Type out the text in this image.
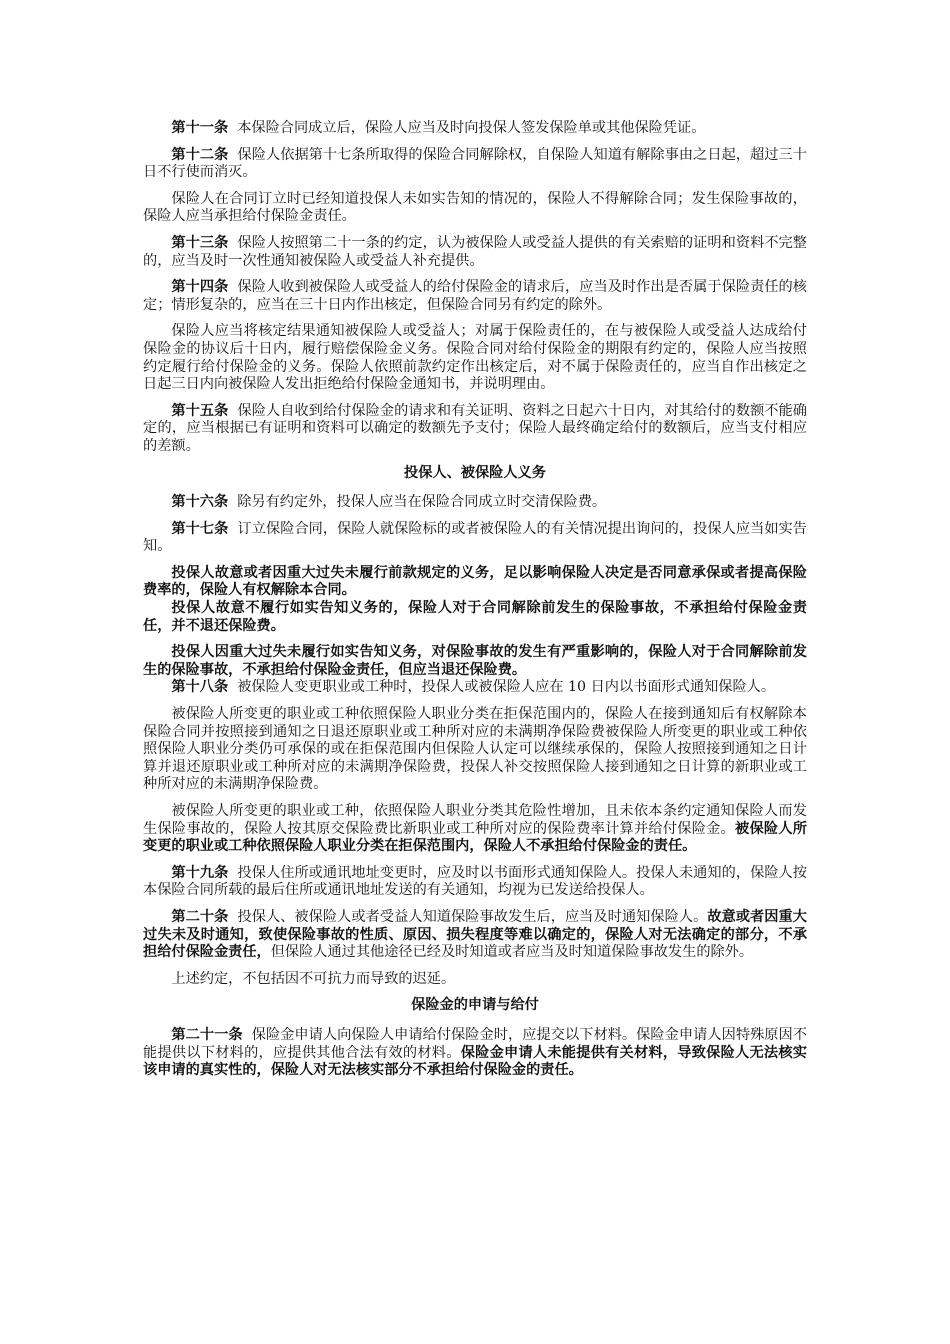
第十一条 本保险合同成立后，保险人应当及时向投保人签发保险单或其他保险凭证。

第十二条 保险人依据第十七条所取得的保险合同解除权，自保险人知道有解除事由之日起，超过三十日不行使而消灭。

保险人在合同订立时已经知道投保人未如实告知的情况的，保险人不得解除合同；发生保险事故的，保险人应当承担给付保险金责任。

第十三条 保险人按照第二十一条的约定，认为被保险人或受益人提供的有关索赔的证明和资料不完整的，应当及时一次性通知被保险人或受益人补充提供。

第十四条 保险人收到被保险人或受益人的给付保险金的请求后，应当及时作出是否属于保险责任的核定；情形复杂的，应当在三十日内作出核定，但保险合同另有约定的除外。

保险人应当将核定结果通知被保险人或受益人；对属于保险责任的，在与被保险人或受益人达成给付保险金的协议后十日内，履行赔偿保险金义务。保险合同对给付保险金的期限有约定的，保险人应当按照约定履行给付保险金的义务。保险人依照前款约定作出核定后，对不属于保险责任的，应当自作出核定之日起三日内向被保险人发出拒绝给付保险金通知书，并说明理由。

第十五条 保险人自收到给付保险金的请求和有关证明、资料之日起六十日内，对其给付的数额不能确定的，应当根据已有证明和资料可以确定的数额先予支付；保险人最终确定给付的数额后，应当支付相应的差额。

投保人、被保险人义务

第十六条 除另有约定外，投保人应当在保险合同成立时交清保险费。

第十七条 订立保险合同，保险人就保险标的或者被保险人的有关情况提出询问的，投保人应当如实告知。

投保人故意或者因重大过失未履行前款规定的义务，足以影响保险人决定是否同意承保或者提高保险费率的，保险人有权解除本合同。

投保人故意不履行如实告知义务的，保险人对于合同解除前发生的保险事故，不承担给付保险金责任，并不退还保险费。

投保人因重大过失未履行如实告知义务，对保险事故的发生有严重影响的，保险人对于合同解除前发生的保险事故，不承担给付保险金责任，但应当退还保险费。

第十八条 被保险人变更职业或工种时，投保人或被保险人应在 10 日内以书面形式通知保险人。

被保险人所变更的职业或工种依照保险人职业分类在拒保范围内的，保险人在接到通知后有权解除本保险合同并按照接到通知之日退还原职业或工种所对应的未满期净保险费被保险人所变更的职业或工种依照保险人职业分类仍可承保的或在拒保范围内但保险人认定可以继续承保的，保险人按照接到通知之日计算并退还原职业或工种所对应的未满期净保险费，投保人补交按照保险人接到通知之日计算的新职业或工种所对应的未满期净保险费。

被保险人所变更的职业或工种，依照保险人职业分类其危险性增加，且未依本条约定通知保险人而发生保险事故的，保险人按其原交保险费比新职业或工种所对应的保险费率计算并给付保险金。被保险人所变更的职业或工种依照保险人职业分类在拒保范围内，保险人不承担给付保险金的责任。

第十九条 投保人住所或通讯地址变更时，应及时以书面形式通知保险人。投保人未通知的，保险人按本保险合同所载的最后住所或通讯地址发送的有关通知，均视为已发送给投保人。

第二十条 投保人、被保险人或者受益人知道保险事故发生后，应当及时通知保险人。故意或者因重大过失未及时通知，致使保险事故的性质、原因、损失程度等难以确定的，保险人对无法确定的部分，不承担给付保险金责任，但保险人通过其他途径已经及时知道或者应当及时知道保险事故发生的除外。

上述约定，不包括因不可抗力而导致的迟延。

保险金的申请与给付

第二十一条 保险金申请人向保险人申请给付保险金时，应提交以下材料。保险金申请人因特殊原因不能提供以下材料的，应提供其他合法有效的材料。保险金申请人未能提供有关材料，导致保险人无法核实该申请的真实性的，保险人对无法核实部分不承担给付保险金的责任。
